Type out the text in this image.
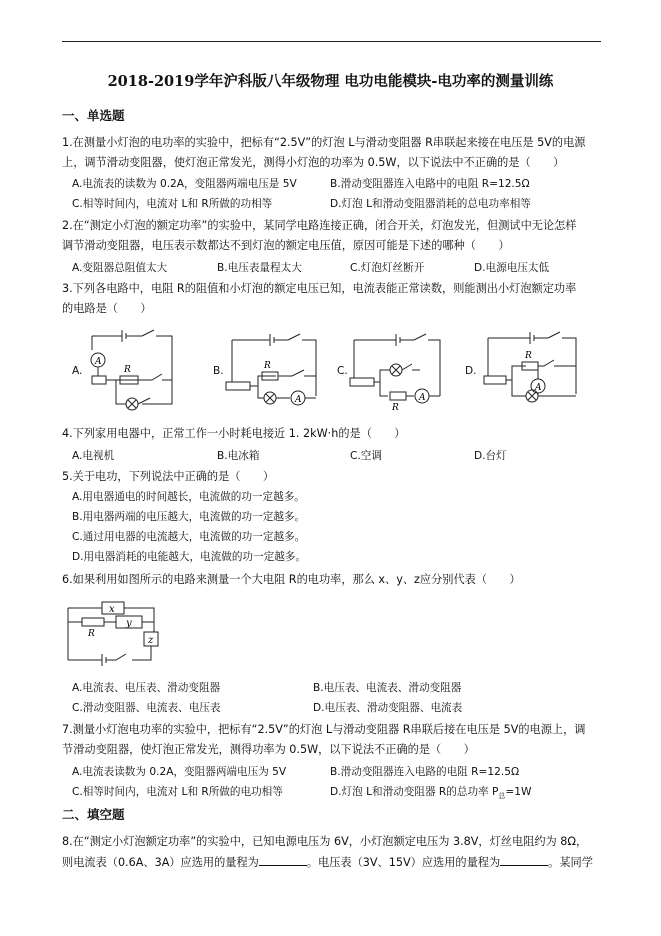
2018-2019学年沪科版八年级物理 电功电能模块-电功率的测量训练
一、单选题
1.在测量小灯泡的电功率的实验中，把标有“2.5V”的灯泡 L与滑动变阻器 R串联起来接在电压是 5V的电源
上，调节滑动变阻器，使灯泡正常发光，测得小灯泡的功率为 0.5W，以下说法中不正确的是（　　）
A.电流表的读数为 0.2A，变阻器两端电压是 5V	B.滑动变阻器连入电路中的电阻 R=12.5Ω
C.相等时间内，电流对 L和 R所做的功相等	D.灯泡 L和滑动变阻器消耗的总电功率相等
2.在“测定小灯泡的额定功率”的实验中，某同学电路连接正确，闭合开关，灯泡发光，但测试中无论怎样
调节滑动变阻器，电压表示数都达不到灯泡的额定电压值，原因可能是下述的哪种（　　）
A.变阻器总阻值太大	B.电压表量程太大	C.灯泡灯丝断开	D.电源电压太低
3.下列各电路中，电阻 R的阻值和小灯泡的额定电压已知，电流表能正常读数，则能测出小灯泡额定功率
的电路是（　　）
A.	B.	C.	D.
A
R	R
A
R
A
R
A
4.下列家用电器中，正常工作一小时耗电接近 1. 2kW·h的是（　　）
A.电视机	B.电冰箱	C.空调	D.台灯
5.关于电功，下列说法中正确的是（　　）
A.用电器通电的时间越长，电流做的功一定越多。
B.用电器两端的电压越大，电流做的功一定越多。
C.通过用电器的电流越大，电流做的功一定越多。
D.用电器消耗的电能越大，电流做的功一定越多。
6.如果利用如图所示的电路来测量一个大电阻 R的电功率，那么 x、y、z应分别代表（　　）
x
R
y
z
A.电流表、电压表、滑动变阻器	B.电压表、电流表、滑动变阻器
C.滑动变阻器、电流表、电压表	D.电压表、滑动变阻器、电流表
7.测量小灯泡电功率的实验中，把标有“2.5V”的灯泡 L与滑动变阻器 R串联后接在电压是 5V的电源上，调
节滑动变阻器，使灯泡正常发光，测得功率为 0.5W，以下说法不正确的是（　　）
A.电流表读数为 0.2A，变阻器两端电压为 5V	B.滑动变阻器连入电路的电阻 R=12.5Ω
C.相等时间内，电流对 L和 R所做的电功相等	D.灯泡 L和滑动变阻器 R的总功率 $P_总=1W$
二、填空题
8.在“测定小灯泡额定功率”的实验中，已知电源电压为 6V，小灯泡额定电压为 3.8V，灯丝电阻约为 8Ω，
则电流表（0.6A、3A）应选用的量程为	。电压表（3V、15V）应选用的量程为	。某同学
